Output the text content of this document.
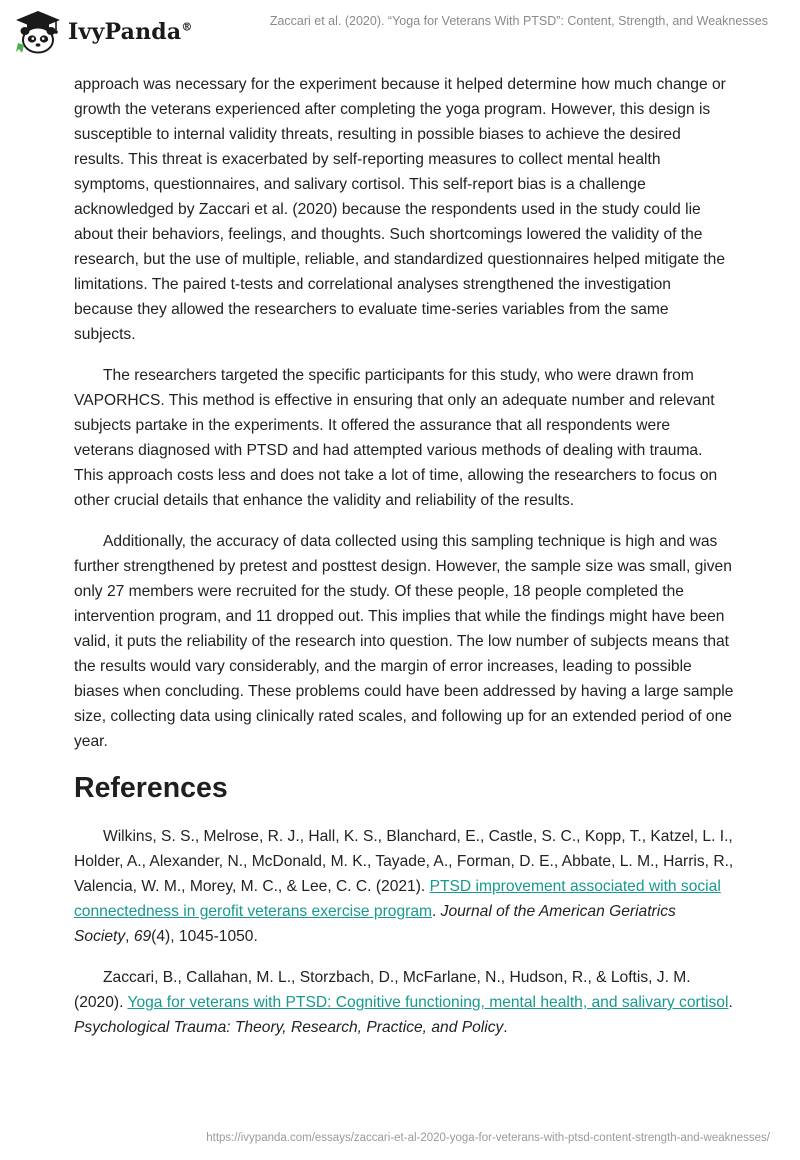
IvyPanda®	Zaccari et al. (2020). “Yoga for Veterans With PTSD”: Content, Strength, and Weaknesses

approach was necessary for the experiment because it helped determine how much change or growth the veterans experienced after completing the yoga program. However, this design is susceptible to internal validity threats, resulting in possible biases to achieve the desired results. This threat is exacerbated by self-reporting measures to collect mental health symptoms, questionnaires, and salivary cortisol. This self-report bias is a challenge acknowledged by Zaccari et al. (2020) because the respondents used in the study could lie about their behaviors, feelings, and thoughts. Such shortcomings lowered the validity of the research, but the use of multiple, reliable, and standardized questionnaires helped mitigate the limitations. The paired t-tests and correlational analyses strengthened the investigation because they allowed the researchers to evaluate time-series variables from the same subjects.

The researchers targeted the specific participants for this study, who were drawn from VAPORHCS. This method is effective in ensuring that only an adequate number and relevant subjects partake in the experiments. It offered the assurance that all respondents were veterans diagnosed with PTSD and had attempted various methods of dealing with trauma. This approach costs less and does not take a lot of time, allowing the researchers to focus on other crucial details that enhance the validity and reliability of the results.

Additionally, the accuracy of data collected using this sampling technique is high and was further strengthened by pretest and posttest design. However, the sample size was small, given only 27 members were recruited for the study. Of these people, 18 people completed the intervention program, and 11 dropped out. This implies that while the findings might have been valid, it puts the reliability of the research into question. The low number of subjects means that the results would vary considerably, and the margin of error increases, leading to possible biases when concluding. These problems could have been addressed by having a large sample size, collecting data using clinically rated scales, and following up for an extended period of one year.

References

Wilkins, S. S., Melrose, R. J., Hall, K. S., Blanchard, E., Castle, S. C., Kopp, T., Katzel, L. I., Holder, A., Alexander, N., McDonald, M. K., Tayade, A., Forman, D. E., Abbate, L. M., Harris, R., Valencia, W. M., Morey, M. C., & Lee, C. C. (2021). PTSD improvement associated with social connectedness in gerofit veterans exercise program. Journal of the American Geriatrics Society, 69(4), 1045-1050.

Zaccari, B., Callahan, M. L., Storzbach, D., McFarlane, N., Hudson, R., & Loftis, J. M. (2020). Yoga for veterans with PTSD: Cognitive functioning, mental health, and salivary cortisol. Psychological Trauma: Theory, Research, Practice, and Policy.

https://ivypanda.com/essays/zaccari-et-al-2020-yoga-for-veterans-with-ptsd-content-strength-and-weaknesses/
